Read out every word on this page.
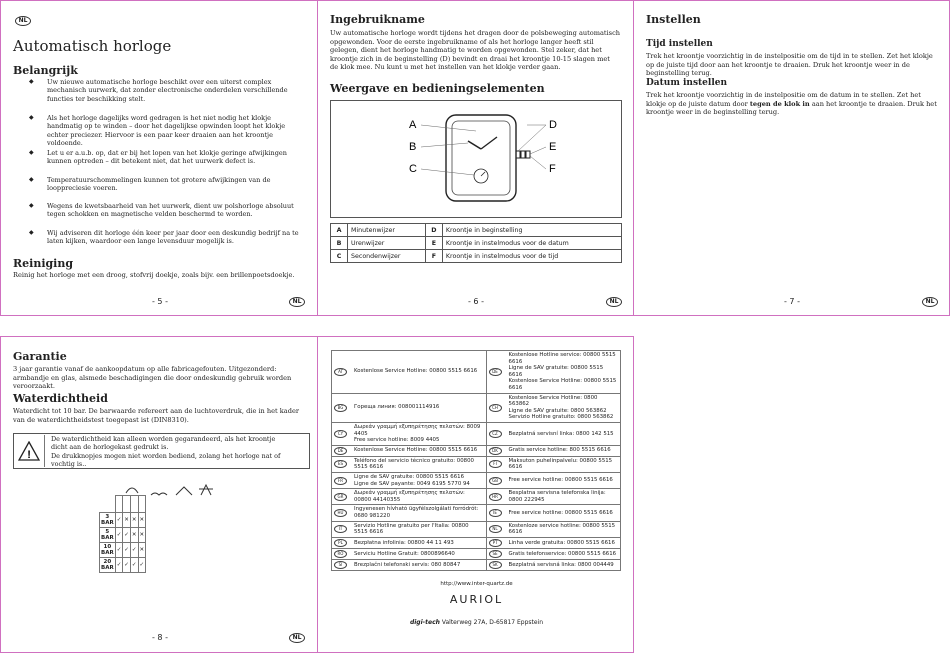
NL
Automatisch horloge
Belangrijk
◆	Uw nieuwe automatische horloge beschikt over een uiterst complex mechanisch uurwerk, dat zonder electronische onderdelen verschillende functies ter beschikking stelt.
◆	Als het horloge dagelijks word gedragen is het niet nodig het klokje handmatig op te winden – door het dagelijkse opwinden loopt het klokje echter preciezer. Hiervoor is een paar keer draaien aan het kroontje voldoende.
◆	Let u er a.u.b. op, dat er bij het lopen van het klokje geringe afwijkingen kunnen optreden – dit betekent niet, dat het uurwerk defect is.
◆	Temperatuurschommelingen kunnen tot grotere afwijkingen van de looppreciesie voeren.
◆	Wegens de kwetsbaarheid van het uurwerk, dient uw polshorloge absoluut tegen schokken en magnetische velden beschermd te worden.
◆	Wij adviseren dit horloge één keer per jaar door een deskundig bedrijf na te laten kijken, waardoor een lange levensduur mogelijk is.
Reiniging
Reinig het horloge met een droog, stofvrij doekje, zoals bijv. een brillenpoetsdoekje.
- 5 -	NL
Ingebruikname
Uw automatische horloge wordt tijdens het dragen door de polsbeweging automatisch opgewonden. Voor de eerste ingebruikname of als het horloge langer heeft stil gelegen, dient het horloge handmatig te worden opgewonden. Stel zeker, dat het kroontje zich in de beginstelling (D) bevindt en draai het kroontje 10-15 slagen met de klok mee. Nu kunt u met het instellen van het klokje verder gaan.
Weergave en bedieningselementen
A
B
C
D
E
F
A	Minutenwijzer	D	Kroontje in beginstelling
B	Urenwijzer	E	Kroontje in instelmodus voor de datum
C	Secondenwijzer	F	Kroontje in instelmodus voor de tijd
- 6 -	NL
Instellen
Tijd instellen
Trek het kroontje voorzichtig in de instelpositie om de tijd in te stellen. Zet het klokje op de juiste tijd door aan het kroontje te draaien. Druk het kroontje weer in de beginstelling terug.
Datum instellen
Trek het kroontje voorzichtig in de instelpositie om de datum in te stellen. Zet het klokje op de juiste datum door tegen de klok in aan het kroontje te draaien. Druk het kroontje weer in de beginstelling terug.
- 7 -	NL
Garantie
3 jaar garantie vanaf de aankoopdatum op alle fabricagefouten. Uitgezonderd: armbandje en glas, alsmede beschadigingen die door ondeskundig gebruik worden veroorzaakt.
Waterdichtheid
Waterdicht tot 10 bar. De barwaarde refereert aan de luchtoverdruk, die in het kader van de waterdichtheidstest toegepast ist (DIN8310).
!
De waterdichtheid kan alleen worden gegarandeerd, als het kroontje dicht aan de horlogekast gedrukt is.
De drukknopjes mogen niet worden bediend, zolang het horloge nat of vochtig is..

3 BAR	✓	✕	✕	✕
5 BAR	✓	✓	✕	✕
10 BAR	✓	✓	✓	✕
20 BAR	✓	✓	✓	✓
- 8 -	NL
AT	Kostenlose Service Hotline: 00800 5515 6616	DE	Kostenlose Hotline service: 00800 5515 6616
Ligne de SAV gratuite: 00800 5515 6616
Kostenlose Service Hotline: 00800 5515 6616
BG	Горещa линия: 008001114916	CH	Kostenlose Service Hotline: 0800 563862
Ligne de SAV gratuite: 0800 563862
Servizio Hotline gratuito: 0800 563862
CY	Δωρεάν γραμμή εξυπηρέτησης πελατών: 8009 4405
Free service hotline: 8009 4405	CZ	Bezplatná servisní linka: 0800 142 515
DE	Kostenlose Service Hotline: 00800 5515 6616	DK	Gratis service hotline: 800 5515 6616
ES	Teléfono del servicio técnico gratuito: 00800 5515 6616	FI	Maksuton puhelinpalvelu: 00800 5515 6616
FR	Ligne de SAV gratuite: 00800 5515 6616
Ligne de SAV payante: 0049 6195 5770 94	GB	Free service hotline: 00800 5515 6616
GR	Δωρεάν γραμμή εξυπηρέτησης πελατών: 00800 44140355	HR	Besplatna servisna telefonska linija: 0800 222945
HU	Ingyenesen hívható ügyfélszolgálati forródrót: 0680 981220	IE	Free service hotline: 00800 5515 6616
IT	Servizio Hotline gratuito per l'Italia: 00800 5515 6616	NL	Kostenloze service hotline: 00800 5515 6616
PL	Bezpłatna infolinia: 00800 44 11 493	PT	Linha verde gratuita: 00800 5515 6616
RO	Serviciu Hotline Gratuit: 0800896640	SE	Gratis telefonservice: 00800 5515 6616
SI	Brezplačni telefonski servis: 080 80847	SK	Bezplatná servisná linka: 0800 004449
http://www.inter-quartz.de
AURIOL
digi-tech Valterweg 27A, D-65817 Eppstein
